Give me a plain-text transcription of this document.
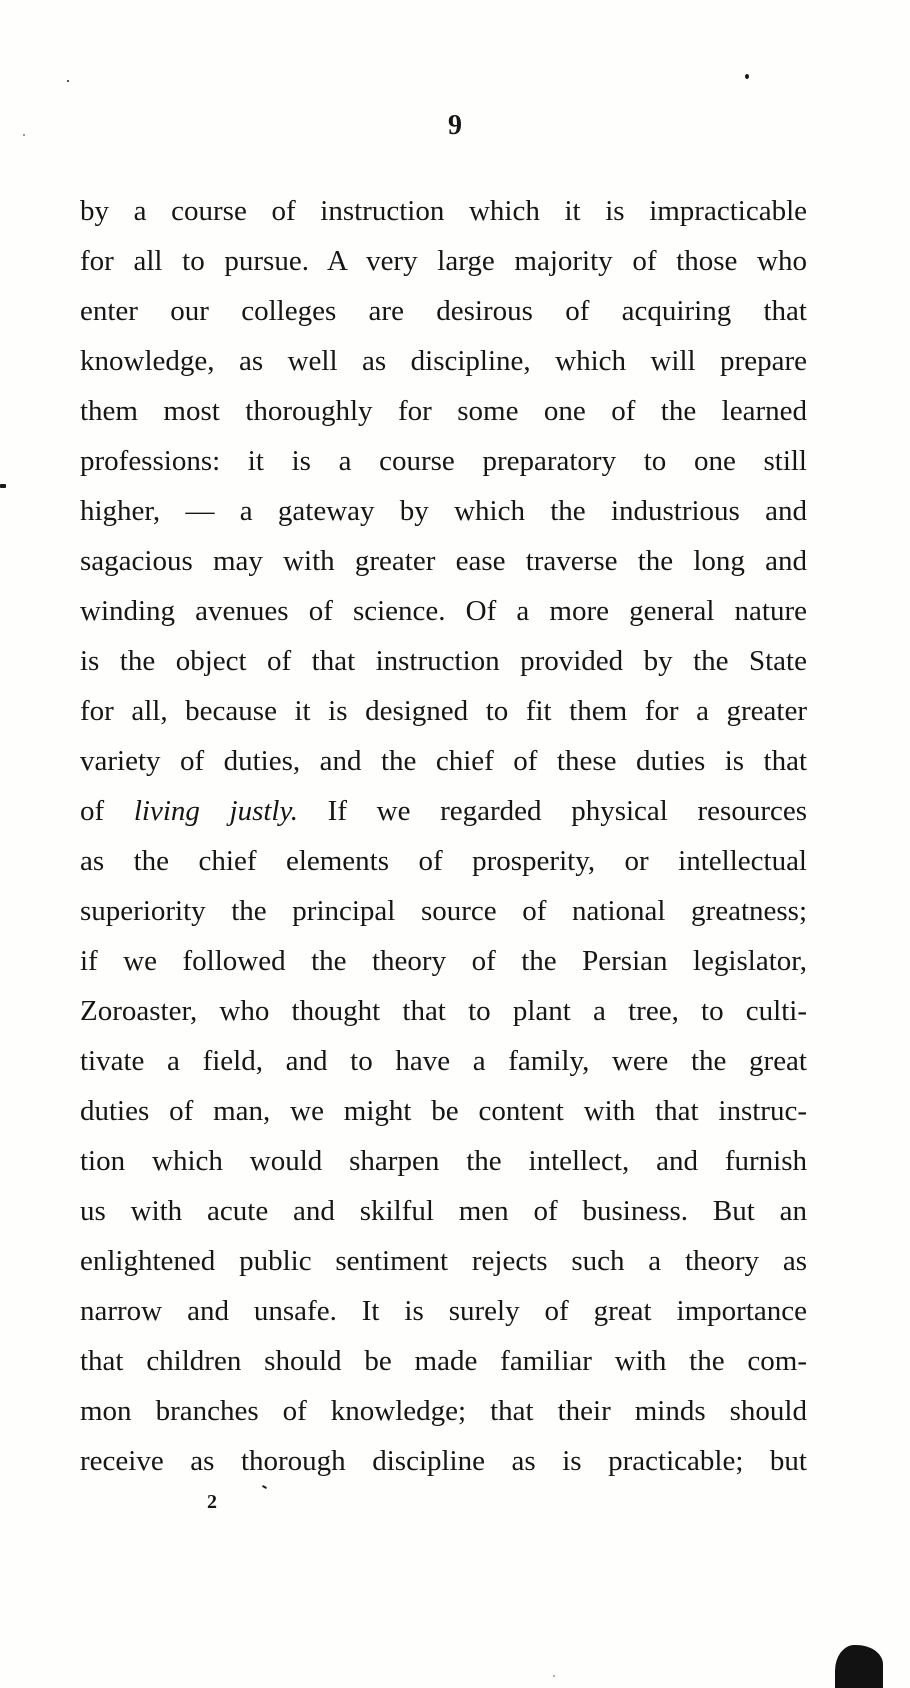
9
by a course of instruction which it is impracticable
for all to pursue. A very large majority of those who
enter our colleges are desirous of acquiring that
knowledge, as well as discipline, which will prepare
them most thoroughly for some one of the learned
professions: it is a course preparatory to one still
higher, — a gateway by which the industrious and
sagacious may with greater ease traverse the long and
winding avenues of science. Of a more general nature
is the object of that instruction provided by the State
for all, because it is designed to fit them for a greater
variety of duties, and the chief of these duties is that
of living justly. If we regarded physical resources
as the chief elements of prosperity, or intellectual
superiority the principal source of national greatness;
if we followed the theory of the Persian legislator,
Zoroaster, who thought that to plant a tree, to culti-
tivate a field, and to have a family, were the great
duties of man, we might be content with that instruc-
tion which would sharpen the intellect, and furnish
us with acute and skilful men of business. But an
enlightened public sentiment rejects such a theory as
narrow and unsafe. It is surely of great importance
that children should be made familiar with the com-
mon branches of knowledge; that their minds should
receive as thorough discipline as is practicable; but
2
